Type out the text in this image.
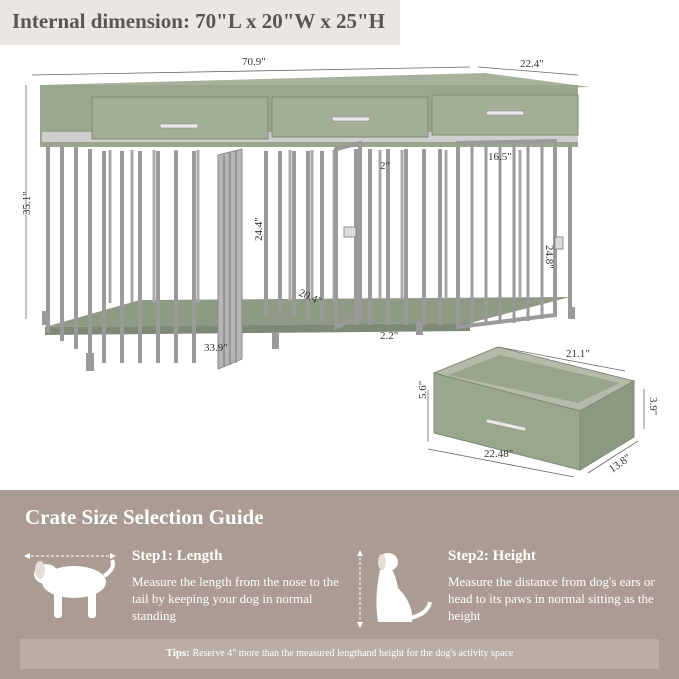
Internal dimension: 70"L x 20"W x 25"H
70.9"	22.4"
35.1"
2"
16.5"
24.4"
24.8"
20.4"
33.9"
2.2"
21.1"
5.6"
3.9"
22.48"	13.8"
Crate Size Selection Guide
Step1: Length
Measure the length from the nose to the tail by keeping your dog in normal standing
Step2: Height
Measure the distance from dog's ears or head to its paws in normal sitting as the height
Tips: Reserve 4" more than the measured lengthand height for the dog's activity space
